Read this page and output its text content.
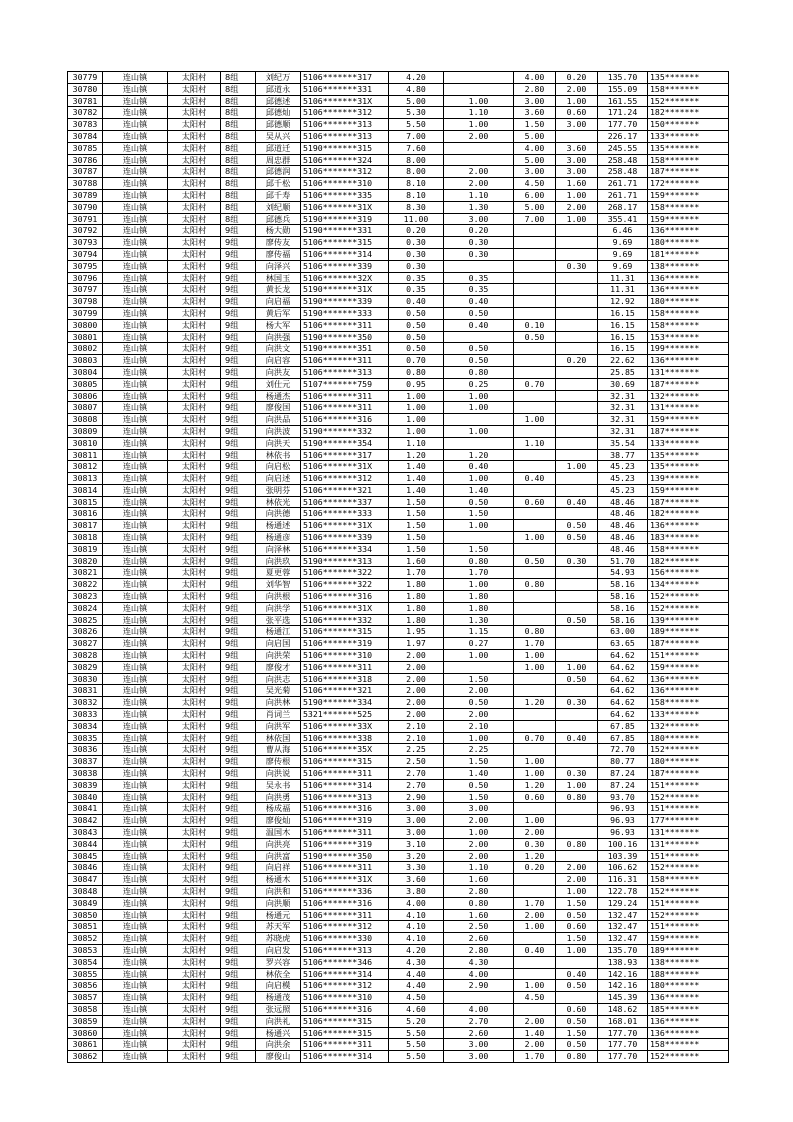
30779	连山镇	太阳村	8组	刘纪万	5106*******317	4.20		4.00	0.20	135.70	135*******
30780	连山镇	太阳村	8组	邱道永	5106*******331	4.80		2.80	2.00	155.09	158*******
30781	连山镇	太阳村	8组	邱德述	5106*******31X	5.00	1.00	3.00	1.00	161.55	152*******
30782	连山镇	太阳村	8组	邱德灿	5106*******312	5.30	1.10	3.60	0.60	171.24	182*******
30783	连山镇	太阳村	8组	邱德顺	5106*******313	5.50	1.00	1.50	3.00	177.70	150*******
30784	连山镇	太阳村	8组	吴从兴	5106*******313	7.00	2.00	5.00		226.17	133*******
30785	连山镇	太阳村	8组	邱道迁	5190*******315	7.60		4.00	3.60	245.55	135*******
30786	连山镇	太阳村	8组	周忠群	5106*******324	8.00		5.00	3.00	258.48	158*******
30787	连山镇	太阳村	8组	邱德润	5106*******312	8.00	2.00	3.00	3.00	258.48	187*******
30788	连山镇	太阳村	8组	邱千松	5106*******310	8.10	2.00	4.50	1.60	261.71	172*******
30789	连山镇	太阳村	8组	邱千寿	5106*******335	8.10	1.10	6.00	1.00	261.71	159*******
30790	连山镇	太阳村	8组	刘纪顺	5106*******31X	8.30	1.30	5.00	2.00	268.17	158*******
30791	连山镇	太阳村	8组	邱德兵	5190*******319	11.00	3.00	7.00	1.00	355.41	159*******
30792	连山镇	太阳村	9组	杨大勋	5190*******331	0.20	0.20			6.46	136*******
30793	连山镇	太阳村	9组	廖传友	5106*******315	0.30	0.30			9.69	180*******
30794	连山镇	太阳村	9组	廖传福	5106*******314	0.30	0.30			9.69	181*******
30795	连山镇	太阳村	9组	向泽兴	5106*******339	0.30			0.30	9.69	138*******
30796	连山镇	太阳村	9组	林国玉	5106*******32X	0.35	0.35			11.31	136*******
30797	连山镇	太阳村	9组	黄长龙	5190*******31X	0.35	0.35			11.31	136*******
30798	连山镇	太阳村	9组	向启福	5190*******339	0.40	0.40			12.92	180*******
30799	连山镇	太阳村	9组	黄后军	5190*******333	0.50	0.50			16.15	158*******
30800	连山镇	太阳村	9组	杨大军	5106*******311	0.50	0.40	0.10		16.15	158*******
30801	连山镇	太阳村	9组	向洪强	5190*******350	0.50		0.50		16.15	153*******
30802	连山镇	太阳村	9组	向洪文	5190*******351	0.50	0.50			16.15	199*******
30803	连山镇	太阳村	9组	向启容	5106*******311	0.70	0.50		0.20	22.62	136*******
30804	连山镇	太阳村	9组	向洪友	5106*******313	0.80	0.80			25.85	131*******
30805	连山镇	太阳村	9组	刘仕元	5107*******759	0.95	0.25	0.70		30.69	187*******
30806	连山镇	太阳村	9组	杨通杰	5106*******311	1.00	1.00			32.31	132*******
30807	连山镇	太阳村	9组	廖俊国	5106*******311	1.00	1.00			32.31	131*******
30808	连山镇	太阳村	9组	向洪品	5106*******316	1.00		1.00		32.31	159*******
30809	连山镇	太阳村	9组	向洪波	5190*******332	1.00	1.00			32.31	187*******
30810	连山镇	太阳村	9组	向洪天	5190*******354	1.10		1.10		35.54	133*******
30811	连山镇	太阳村	9组	林依书	5106*******317	1.20	1.20			38.77	135*******
30812	连山镇	太阳村	9组	向启松	5106*******31X	1.40	0.40		1.00	45.23	135*******
30813	连山镇	太阳村	9组	向启述	5106*******312	1.40	1.00	0.40		45.23	139*******
30814	连山镇	太阳村	9组	张明芬	5106*******321	1.40	1.40			45.23	159*******
30815	连山镇	太阳村	9组	林依光	5106*******337	1.50	0.50	0.60	0.40	48.46	187*******
30816	连山镇	太阳村	9组	向洪德	5106*******333	1.50	1.50			48.46	182*******
30817	连山镇	太阳村	9组	杨通述	5106*******31X	1.50	1.00		0.50	48.46	136*******
30818	连山镇	太阳村	9组	杨通彦	5106*******339	1.50		1.00	0.50	48.46	183*******
30819	连山镇	太阳村	9组	向泽林	5106*******334	1.50	1.50			48.46	158*******
30820	连山镇	太阳村	9组	向洪玖	5190*******313	1.60	0.80	0.50	0.30	51.70	182*******
30821	连山镇	太阳村	9组	夏更蓉	5106*******322	1.70	1.70			54.93	156*******
30822	连山镇	太阳村	9组	刘华智	5106*******322	1.80	1.00	0.80		58.16	134*******
30823	连山镇	太阳村	9组	向洪根	5106*******316	1.80	1.80			58.16	152*******
30824	连山镇	太阳村	9组	向洪学	5106*******31X	1.80	1.80			58.16	152*******
30825	连山镇	太阳村	9组	张平选	5106*******332	1.80	1.30		0.50	58.16	139*******
30826	连山镇	太阳村	9组	杨通江	5106*******315	1.95	1.15	0.80		63.00	189*******
30827	连山镇	太阳村	9组	向启国	5106*******319	1.97	0.27	1.70		63.65	187*******
30828	连山镇	太阳村	9组	向洪荣	5106*******310	2.00	1.00	1.00		64.62	151*******
30829	连山镇	太阳村	9组	廖俊才	5106*******311	2.00		1.00	1.00	64.62	159*******
30830	连山镇	太阳村	9组	向洪志	5106*******318	2.00	1.50		0.50	64.62	136*******
30831	连山镇	太阳村	9组	吴光菊	5106*******321	2.00	2.00			64.62	136*******
30832	连山镇	太阳村	9组	向洪林	5190*******334	2.00	0.50	1.20	0.30	64.62	158*******
30833	连山镇	太阳村	9组	肖词兰	5321*******525	2.00	2.00			64.62	133*******
30834	连山镇	太阳村	9组	向洪军	5106*******33X	2.10	2.10			67.85	132*******
30835	连山镇	太阳村	9组	林依国	5106*******338	2.10	1.00	0.70	0.40	67.85	180*******
30836	连山镇	太阳村	9组	曹从海	5106*******35X	2.25	2.25			72.70	152*******
30837	连山镇	太阳村	9组	廖传根	5106*******315	2.50	1.50	1.00		80.77	180*******
30838	连山镇	太阳村	9组	向洪说	5106*******311	2.70	1.40	1.00	0.30	87.24	187*******
30839	连山镇	太阳村	9组	吴永书	5106*******314	2.70	0.50	1.20	1.00	87.24	151*******
30840	连山镇	太阳村	9组	向洪勇	5106*******313	2.90	1.50	0.60	0.80	93.70	152*******
30841	连山镇	太阳村	9组	杨成福	5106*******316	3.00	3.00			96.93	151*******
30842	连山镇	太阳村	9组	廖俊灿	5106*******319	3.00	2.00	1.00		96.93	177*******
30843	连山镇	太阳村	9组	温国木	5106*******311	3.00	1.00	2.00		96.93	131*******
30844	连山镇	太阳村	9组	向洪亮	5106*******319	3.10	2.00	0.30	0.80	100.16	131*******
30845	连山镇	太阳村	9组	向洪富	5190*******350	3.20	2.00	1.20		103.39	151*******
30846	连山镇	太阳村	9组	向启祥	5106*******311	3.30	1.10	0.20	2.00	106.62	152*******
30847	连山镇	太阳村	9组	杨通木	5106*******31X	3.60	1.60		2.00	116.31	158*******
30848	连山镇	太阳村	9组	向洪和	5106*******336	3.80	2.80		1.00	122.78	152*******
30849	连山镇	太阳村	9组	向洪顺	5106*******316	4.00	0.80	1.70	1.50	129.24	151*******
30850	连山镇	太阳村	9组	杨通元	5106*******311	4.10	1.60	2.00	0.50	132.47	152*******
30851	连山镇	太阳村	9组	苏天军	5106*******312	4.10	2.50	1.00	0.60	132.47	151*******
30852	连山镇	太阳村	9组	苏晓虎	5106*******330	4.10	2.60		1.50	132.47	159*******
30853	连山镇	太阳村	9组	向启发	5106*******313	4.20	2.80	0.40	1.00	135.70	189*******
30854	连山镇	太阳村	9组	罗兴容	5106*******346	4.30	4.30			138.93	138*******
30855	连山镇	太阳村	9组	林依全	5106*******314	4.40	4.00		0.40	142.16	188*******
30856	连山镇	太阳村	9组	向启模	5106*******312	4.40	2.90	1.00	0.50	142.16	180*******
30857	连山镇	太阳村	9组	杨通茂	5106*******310	4.50		4.50		145.39	136*******
30858	连山镇	太阳村	9组	张远照	5106*******316	4.60	4.00		0.60	148.62	185*******
30859	连山镇	太阳村	9组	向洪礼	5106*******315	5.20	2.70	2.00	0.50	168.01	136*******
30860	连山镇	太阳村	9组	杨通兴	5106*******315	5.50	2.60	1.40	1.50	177.70	136*******
30861	连山镇	太阳村	9组	向洪余	5106*******311	5.50	3.00	2.00	0.50	177.70	158*******
30862	连山镇	太阳村	9组	廖俊山	5106*******314	5.50	3.00	1.70	0.80	177.70	152*******
